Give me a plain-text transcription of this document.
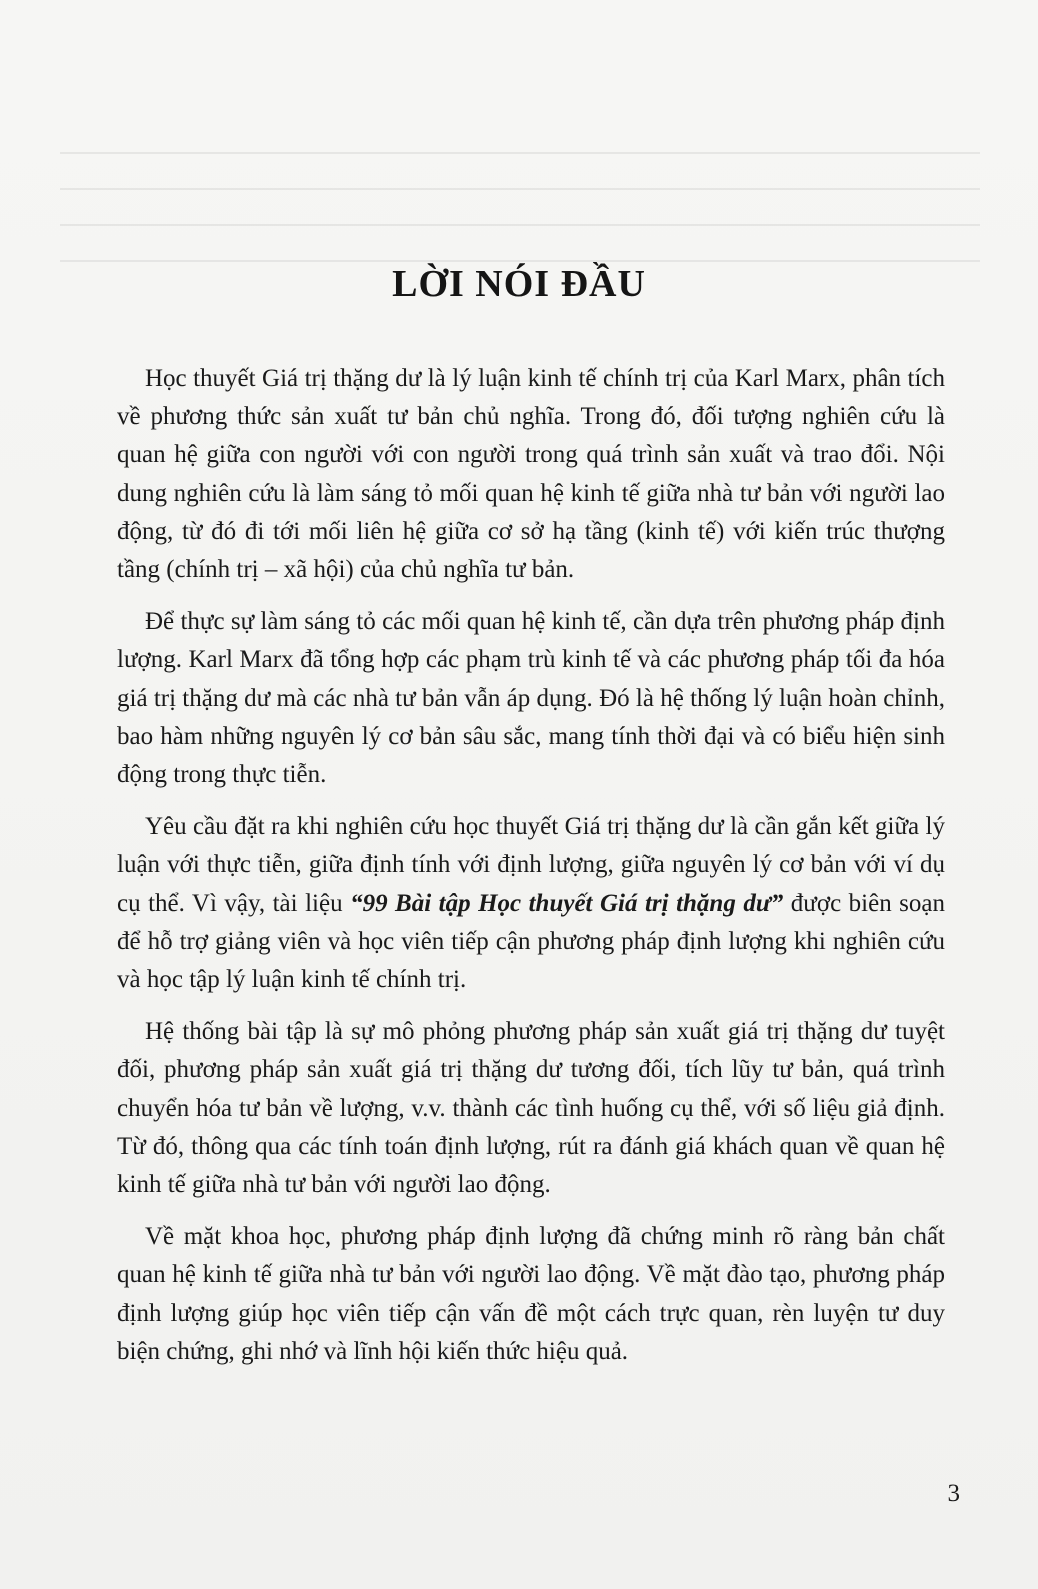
LỜI NÓI ĐẦU

Học thuyết Giá trị thặng dư là lý luận kinh tế chính trị của Karl Marx, phân tích về phương thức sản xuất tư bản chủ nghĩa. Trong đó, đối tượng nghiên cứu là quan hệ giữa con người với con người trong quá trình sản xuất và trao đổi. Nội dung nghiên cứu là làm sáng tỏ mối quan hệ kinh tế giữa nhà tư bản với người lao động, từ đó đi tới mối liên hệ giữa cơ sở hạ tầng (kinh tế) với kiến trúc thượng tầng (chính trị – xã hội) của chủ nghĩa tư bản.

Để thực sự làm sáng tỏ các mối quan hệ kinh tế, cần dựa trên phương pháp định lượng. Karl Marx đã tổng hợp các phạm trù kinh tế và các phương pháp tối đa hóa giá trị thặng dư mà các nhà tư bản vẫn áp dụng. Đó là hệ thống lý luận hoàn chỉnh, bao hàm những nguyên lý cơ bản sâu sắc, mang tính thời đại và có biểu hiện sinh động trong thực tiễn.

Yêu cầu đặt ra khi nghiên cứu học thuyết Giá trị thặng dư là cần gắn kết giữa lý luận với thực tiễn, giữa định tính với định lượng, giữa nguyên lý cơ bản với ví dụ cụ thể. Vì vậy, tài liệu “99 Bài tập Học thuyết Giá trị thặng dư” được biên soạn để hỗ trợ giảng viên và học viên tiếp cận phương pháp định lượng khi nghiên cứu và học tập lý luận kinh tế chính trị.

Hệ thống bài tập là sự mô phỏng phương pháp sản xuất giá trị thặng dư tuyệt đối, phương pháp sản xuất giá trị thặng dư tương đối, tích lũy tư bản, quá trình chuyển hóa tư bản về lượng, v.v. thành các tình huống cụ thể, với số liệu giả định. Từ đó, thông qua các tính toán định lượng, rút ra đánh giá khách quan về quan hệ kinh tế giữa nhà tư bản với người lao động.

Về mặt khoa học, phương pháp định lượng đã chứng minh rõ ràng bản chất quan hệ kinh tế giữa nhà tư bản với người lao động. Về mặt đào tạo, phương pháp định lượng giúp học viên tiếp cận vấn đề một cách trực quan, rèn luyện tư duy biện chứng, ghi nhớ và lĩnh hội kiến thức hiệu quả.

3
